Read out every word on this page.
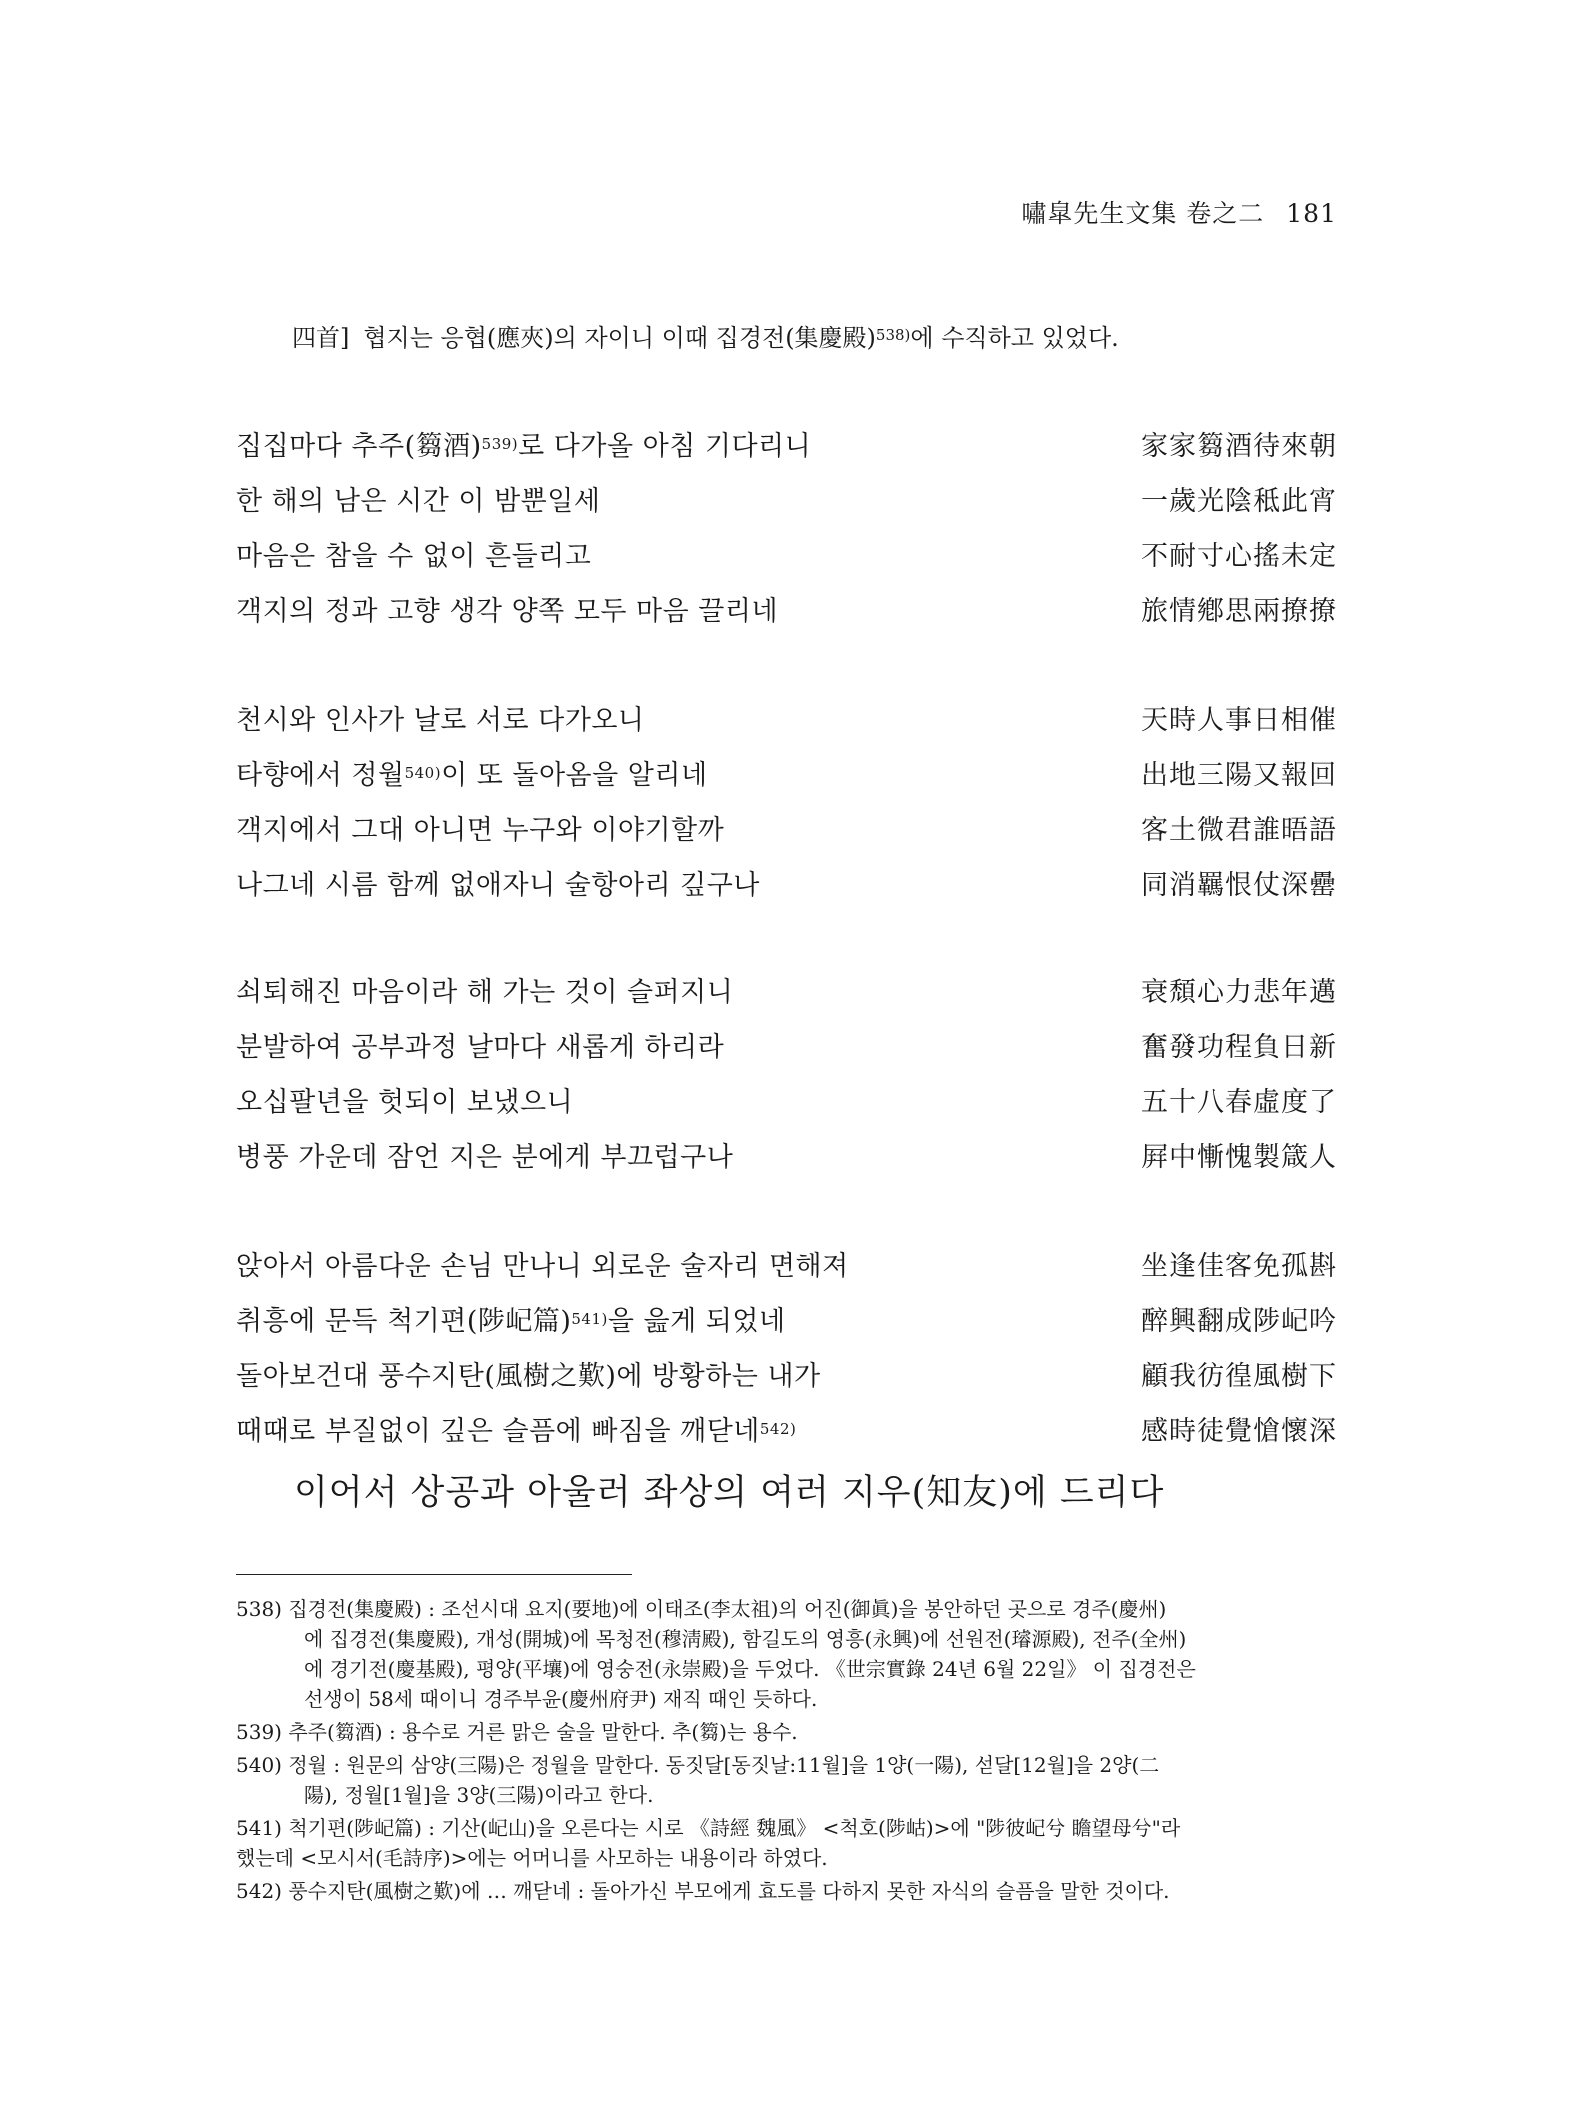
嘯皐先生文集 卷之二 181
四首] 협지는 응협(應夾)의 자이니 이때 집경전(集慶殿)$^{538)}$에 수직하고 있었다.
집집마다 추주(篘酒)$^{539)}$로 다가올 아침 기다리니	家家篘酒待來朝
한 해의 남은 시간 이 밤뿐일세	一歲光陰秪此宵
마음은 참을 수 없이 흔들리고	不耐寸心搖未定
객지의 정과 고향 생각 양쪽 모두 마음 끌리네	旅情鄕思兩撩撩
천시와 인사가 날로 서로 다가오니	天時人事日相催
타향에서 정월$^{540)}$이 또 돌아옴을 알리네	出地三陽又報回
객지에서 그대 아니면 누구와 이야기할까	客土微君誰晤語
나그네 시름 함께 없애자니 술항아리 깊구나	同消羈恨仗深罍
쇠퇴해진 마음이라 해 가는 것이 슬퍼지니	衰頹心力悲年邁
분발하여 공부과정 날마다 새롭게 하리라	奮發功程負日新
오십팔년을 헛되이 보냈으니	五十八春虛度了
병풍 가운데 잠언 지은 분에게 부끄럽구나	屛中慚愧製箴人
앉아서 아름다운 손님 만나니 외로운 술자리 면해져	坐逢佳客免孤斟
취흥에 문득 척기편(陟屺篇)$^{541)}$을 읊게 되었네	醉興翻成陟屺吟
돌아보건대 풍수지탄(風樹之歎)에 방황하는 내가	顧我彷徨風樹下
때때로 부질없이 깊은 슬픔에 빠짐을 깨닫네$^{542)}$	感時徒覺愴懷深
이어서 상공과 아울러 좌상의 여러 지우(知友)에 드리다
538) 집경전(集慶殿) : 조선시대 요지(要地)에 이태조(李太祖)의 어진(御眞)을 봉안하던 곳으로 경주(慶州)
에 집경전(集慶殿), 개성(開城)에 목청전(穆淸殿), 함길도의 영흥(永興)에 선원전(璿源殿), 전주(全州)
에 경기전(慶基殿), 평양(平壤)에 영숭전(永崇殿)을 두었다. 《世宗實錄 24년 6월 22일》 이 집경전은
선생이 58세 때이니 경주부윤(慶州府尹) 재직 때인 듯하다.
539) 추주(篘酒) : 용수로 거른 맑은 술을 말한다. 추(篘)는 용수.
540) 정월 : 원문의 삼양(三陽)은 정월을 말한다. 동짓달[동짓날:11월]을 1양(一陽), 섣달[12월]을 2양(二
陽), 정월[1월]을 3양(三陽)이라고 한다.
541) 척기편(陟屺篇) : 기산(屺山)을 오른다는 시로 《詩經 魏風》 <척호(陟岵)>에 "陟彼屺兮 瞻望母兮"라
했는데 <모시서(毛詩序)>에는 어머니를 사모하는 내용이라 하였다.
542) 풍수지탄(風樹之歎)에 … 깨닫네 : 돌아가신 부모에게 효도를 다하지 못한 자식의 슬픔을 말한 것이다.
